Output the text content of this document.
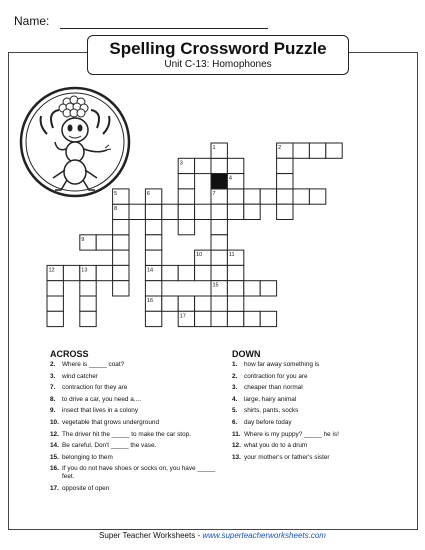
Name:
Spelling Crossword Puzzle
Unit C-13: Homophones
1	2
3
4
5	6	7
8
9
10	11
12	13	14
15
16
17
ACROSS
2.	Where is _____ coat?
3.	wind catcher
7.	contraction for they are
8.	to drive a car, you need a....
9.	insect that lives in a colony
10. vegetable that grows underground
12. The driver hit the _____ to make the car stop.
14. Be careful. Don't _____ the vase.
15. belonging to them
16. If you do not have shoes or socks on, you have _____ feet.
17. opposite of open
DOWN
1.	how far away something is
2.	contraction for you are
3.	cheaper than normal
4.	large, hairy animal
5.	shirts, pants, socks
6.	day before today
11. Where is my puppy? _____ he is!
12. what you do to a drum
13. your mother's or father's sister
Super Teacher Worksheets - www.superteacherworksheets.com
